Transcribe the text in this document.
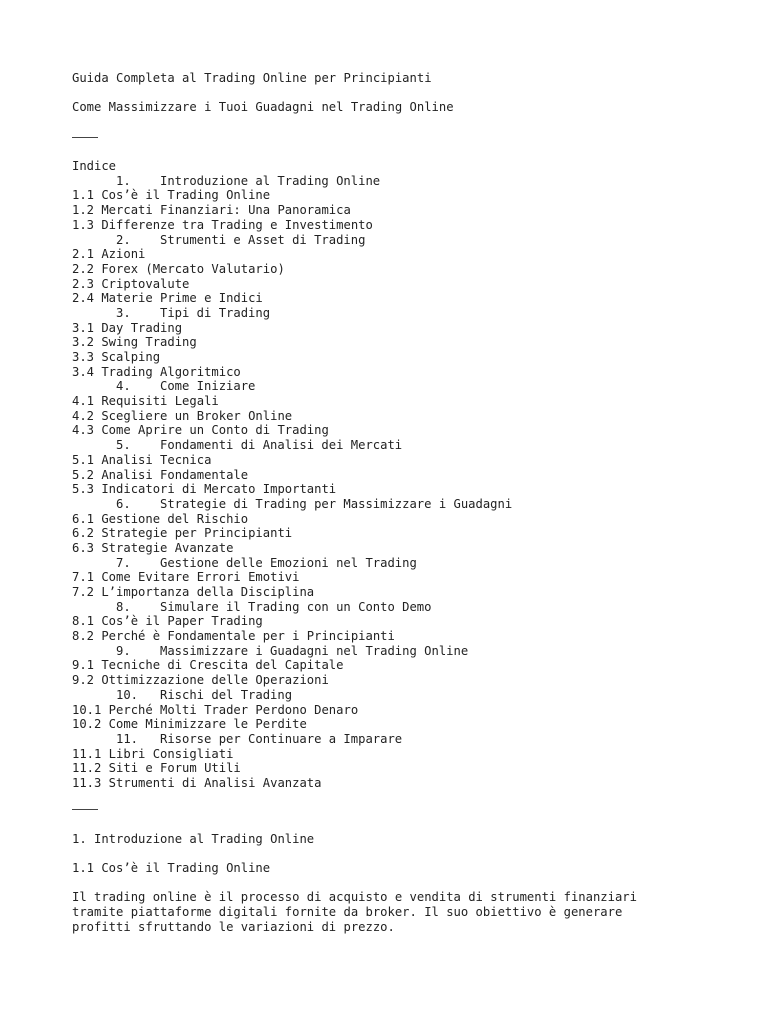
Guida Completa al Trading Online per Principianti
Come Massimizzare i Tuoi Guadagni nel Trading Online
Indice
1. Introduzione al Trading Online
1.1 Cos’è il Trading Online
1.2 Mercati Finanziari: Una Panoramica
1.3 Differenze tra Trading e Investimento
2. Strumenti e Asset di Trading
2.1 Azioni
2.2 Forex (Mercato Valutario)
2.3 Criptovalute
2.4 Materie Prime e Indici
3. Tipi di Trading
3.1 Day Trading
3.2 Swing Trading
3.3 Scalping
3.4 Trading Algoritmico
4. Come Iniziare
4.1 Requisiti Legali
4.2 Scegliere un Broker Online
4.3 Come Aprire un Conto di Trading
5. Fondamenti di Analisi dei Mercati
5.1 Analisi Tecnica
5.2 Analisi Fondamentale
5.3 Indicatori di Mercato Importanti
6. Strategie di Trading per Massimizzare i Guadagni
6.1 Gestione del Rischio
6.2 Strategie per Principianti
6.3 Strategie Avanzate
7. Gestione delle Emozioni nel Trading
7.1 Come Evitare Errori Emotivi
7.2 L’importanza della Disciplina
8. Simulare il Trading con un Conto Demo
8.1 Cos’è il Paper Trading
8.2 Perché è Fondamentale per i Principianti
9. Massimizzare i Guadagni nel Trading Online
9.1 Tecniche di Crescita del Capitale
9.2 Ottimizzazione delle Operazioni
10. Rischi del Trading
10.1 Perché Molti Trader Perdono Denaro
10.2 Come Minimizzare le Perdite
11. Risorse per Continuare a Imparare
11.1 Libri Consigliati
11.2 Siti e Forum Utili
11.3 Strumenti di Analisi Avanzata
1. Introduzione al Trading Online
1.1 Cos’è il Trading Online
Il trading online è il processo di acquisto e vendita di strumenti finanziari
tramite piattaforme digitali fornite da broker. Il suo obiettivo è generare
profitti sfruttando le variazioni di prezzo.
